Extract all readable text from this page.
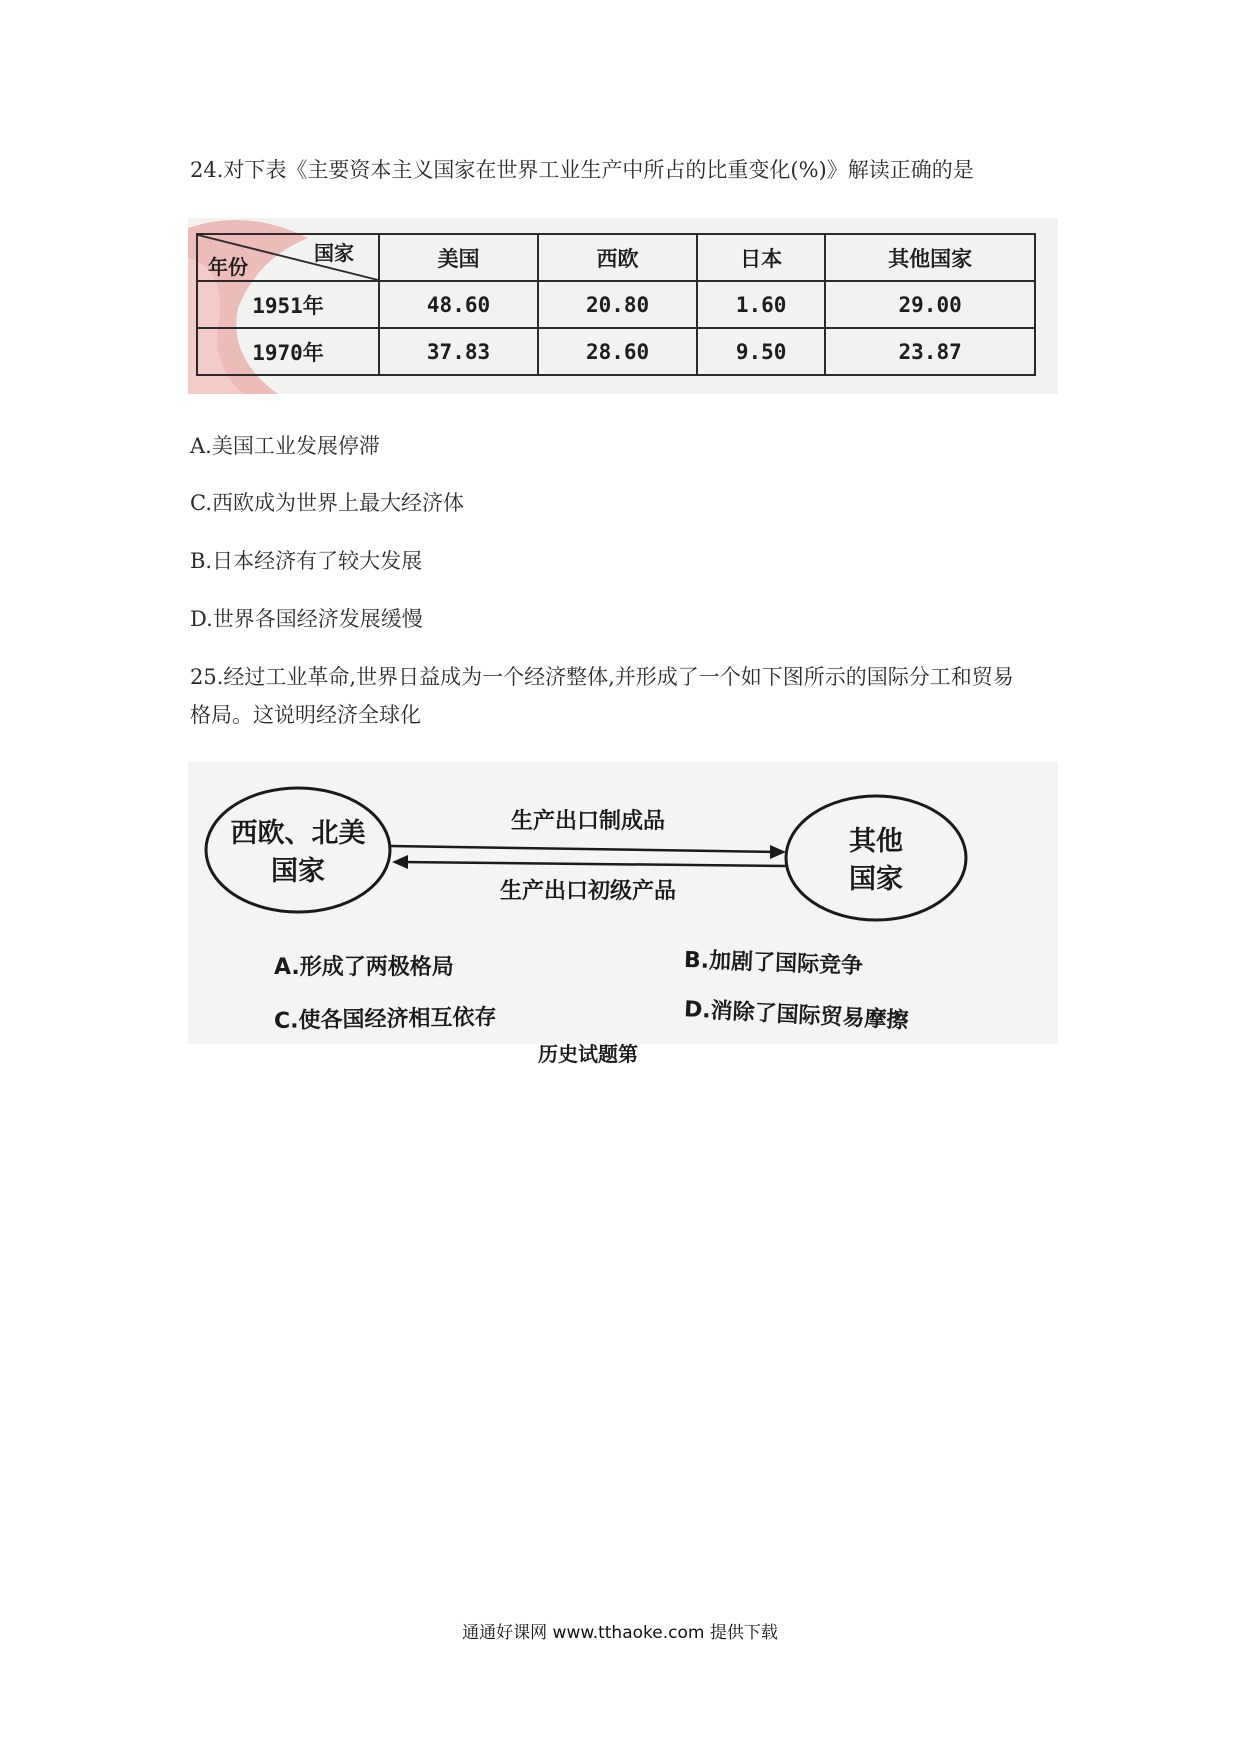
24.对下表《主要资本主义国家在世界工业生产中所占的比重变化(%)》解读正确的是
国家
年份	美国	西欧	日本	其他国家
1951年	48.60	20.80	1.60	29.00
1970年	37.83	28.60	9.50	23.87
A.美国工业发展停滞
C.西欧成为世界上最大经济体
B.日本经济有了较大发展
D.世界各国经济发展缓慢
25.经过工业革命,世界日益成为一个经济整体,并形成了一个如下图所示的国际分工和贸易
格局。这说明经济全球化
西欧、北美
国家
其他
国家
生产出口制成品
生产出口初级产品
A.形成了两极格局	B.加剧了国际竞争
C.使各国经济相互依存	D.消除了国际贸易摩擦
历史试题第
通通好课网 www.tthaoke.com 提供下载
